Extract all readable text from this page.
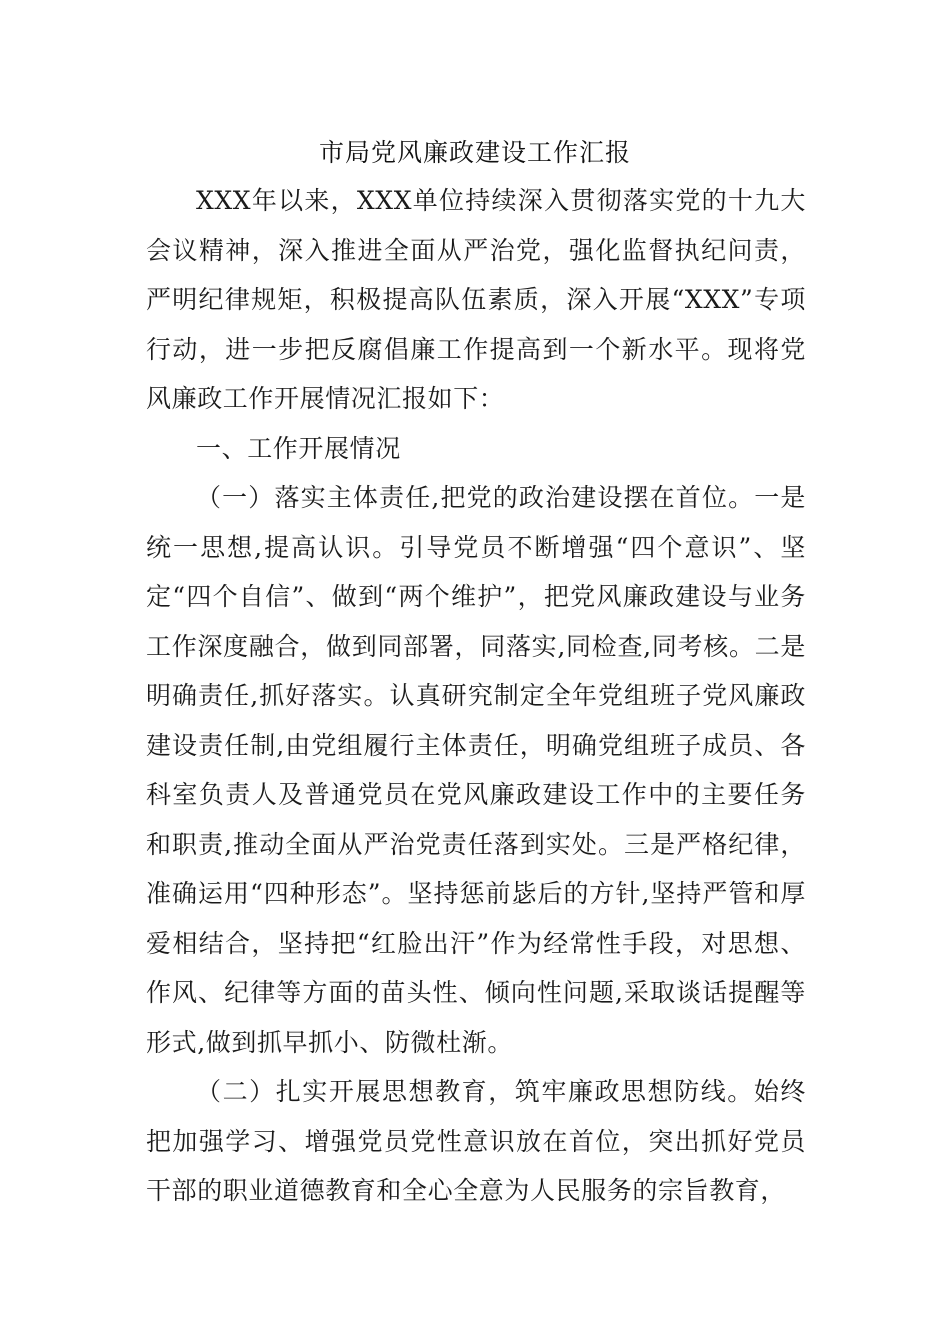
市局党风廉政建设工作汇报

XXX年以来，XXX单位持续深入贯彻落实党的十九大会议精神，深入推进全面从严治党，强化监督执纪问责，严明纪律规矩，积极提高队伍素质，深入开展“XXX”专项行动，进一步把反腐倡廉工作提高到一个新水平。现将党风廉政工作开展情况汇报如下：

一、工作开展情况

（一）落实主体责任,把党的政治建设摆在首位。一是统一思想,提高认识。引导党员不断增强“四个意识”、坚定“四个自信”、做到“两个维护”，把党风廉政建设与业务工作深度融合，做到同部署，同落实,同检查,同考核。二是明确责任,抓好落实。认真研究制定全年党组班子党风廉政建设责任制,由党组履行主体责任，明确党组班子成员、各科室负责人及普通党员在党风廉政建设工作中的主要任务和职责,推动全面从严治党责任落到实处。三是严格纪律，准确运用“四种形态”。坚持惩前毖后的方针,坚持严管和厚爱相结合，坚持把“红脸出汗”作为经常性手段，对思想、作风、纪律等方面的苗头性、倾向性问题,采取谈话提醒等形式,做到抓早抓小、防微杜渐。

（二）扎实开展思想教育，筑牢廉政思想防线。始终把加强学习、增强党员党性意识放在首位，突出抓好党员干部的职业道德教育和全心全意为人民服务的宗旨教育，
